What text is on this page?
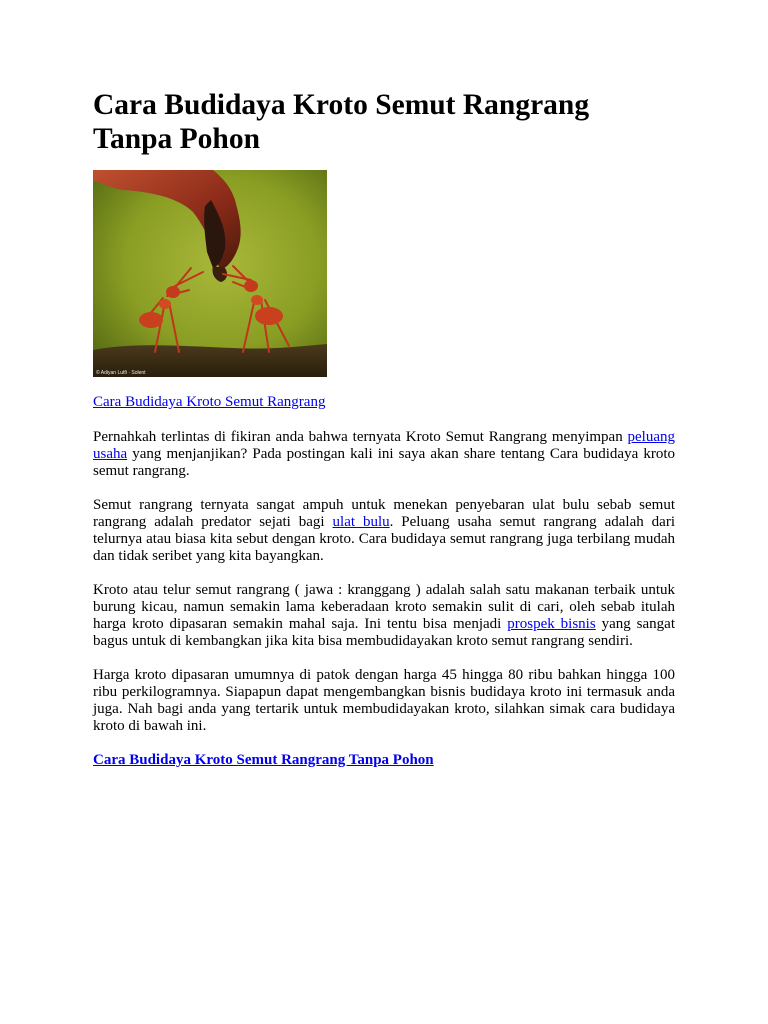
Cara Budidaya Kroto Semut Rangrang Tanpa Pohon
© Adiyan Lutfi · Solent

Cara Budidaya Kroto Semut Rangrang

Pernahkah terlintas di fikiran anda bahwa ternyata Kroto Semut Rangrang menyimpan peluang usaha yang menjanjikan? Pada postingan kali ini saya akan share tentang Cara budidaya kroto semut rangrang.

Semut rangrang ternyata sangat ampuh untuk menekan penyebaran ulat bulu sebab semut rangrang adalah predator sejati bagi ulat bulu. Peluang usaha semut rangrang adalah dari telurnya atau biasa kita sebut dengan kroto. Cara budidaya semut rangrang juga terbilang mudah dan tidak seribet yang kita bayangkan.

Kroto atau telur semut rangrang ( jawa : kranggang ) adalah salah satu makanan terbaik untuk burung kicau, namun semakin lama keberadaan kroto semakin sulit di cari, oleh sebab itulah harga kroto dipasaran semakin mahal saja. Ini tentu bisa menjadi prospek bisnis yang sangat bagus untuk di kembangkan jika kita bisa membudidayakan kroto semut rangrang sendiri.

Harga kroto dipasaran umumnya di patok dengan harga 45 hingga 80 ribu bahkan hingga 100 ribu perkilogramnya. Siapapun dapat mengembangkan bisnis budidaya kroto ini termasuk anda juga. Nah bagi anda yang tertarik untuk membudidayakan kroto, silahkan simak cara budidaya kroto di bawah ini.

Cara Budidaya Kroto Semut Rangrang Tanpa Pohon
